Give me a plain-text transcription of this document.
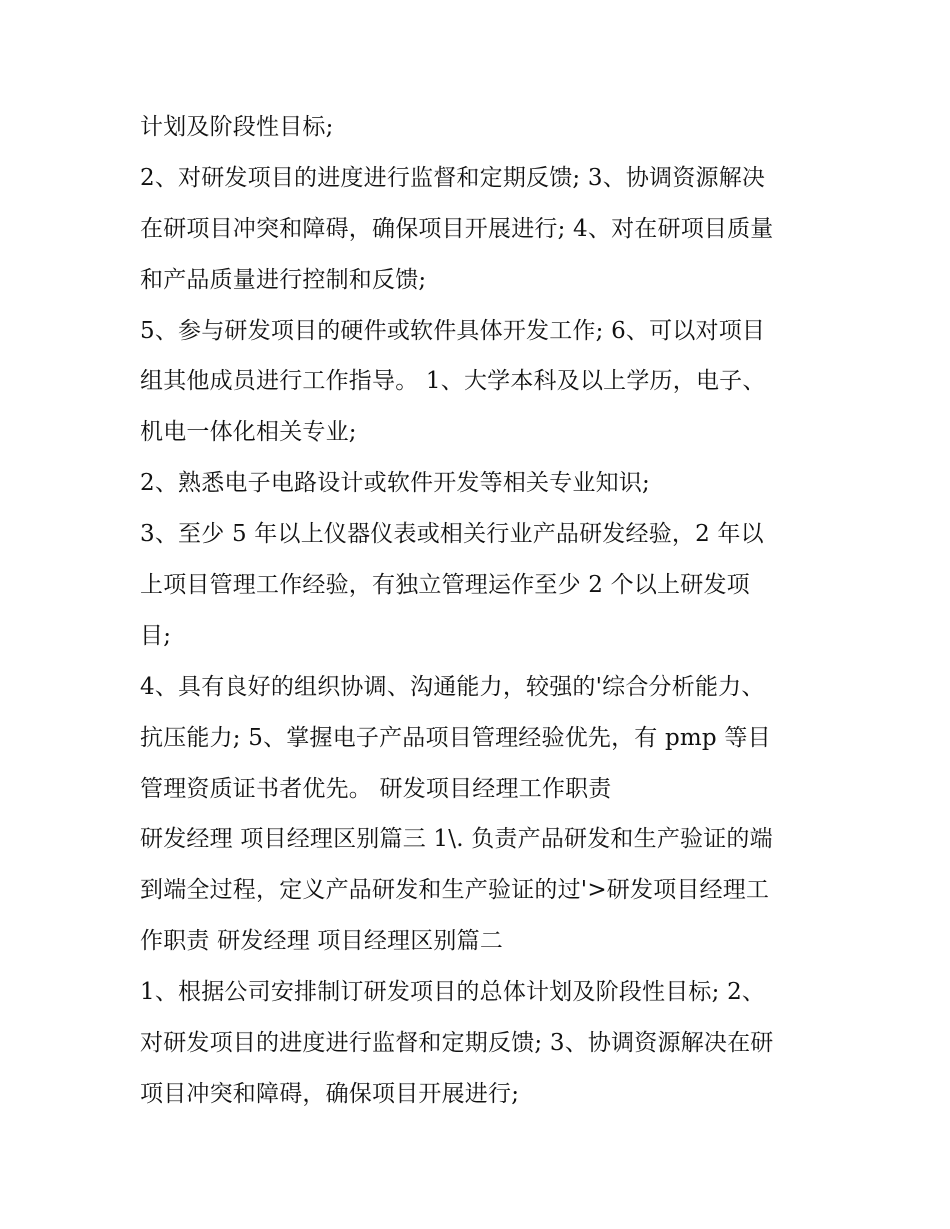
计划及阶段性目标;
2、对研发项目的进度进行监督和定期反馈; 3、协调资源解决
在研项目冲突和障碍，确保项目开展进行; 4、对在研项目质量
和产品质量进行控制和反馈;
5、参与研发项目的硬件或软件具体开发工作; 6、可以对项目
组其他成员进行工作指导。 1、大学本科及以上学历，电子、
机电一体化相关专业;
2、熟悉电子电路设计或软件开发等相关专业知识;
3、至少 5 年以上仪器仪表或相关行业产品研发经验，2 年以
上项目管理工作经验，有独立管理运作至少 2 个以上研发项
目;
4、具有良好的组织协调、沟通能力，较强的'综合分析能力、
抗压能力; 5、掌握电子产品项目管理经验优先，有 pmp 等目
管理资质证书者优先。 研发项目经理工作职责
研发经理 项目经理区别篇三 1\. 负责产品研发和生产验证的端
到端全过程，定义产品研发和生产验证的过'>研发项目经理工
作职责 研发经理 项目经理区别篇二
1、根据公司安排制订研发项目的总体计划及阶段性目标; 2、
对研发项目的进度进行监督和定期反馈; 3、协调资源解决在研
项目冲突和障碍，确保项目开展进行;
